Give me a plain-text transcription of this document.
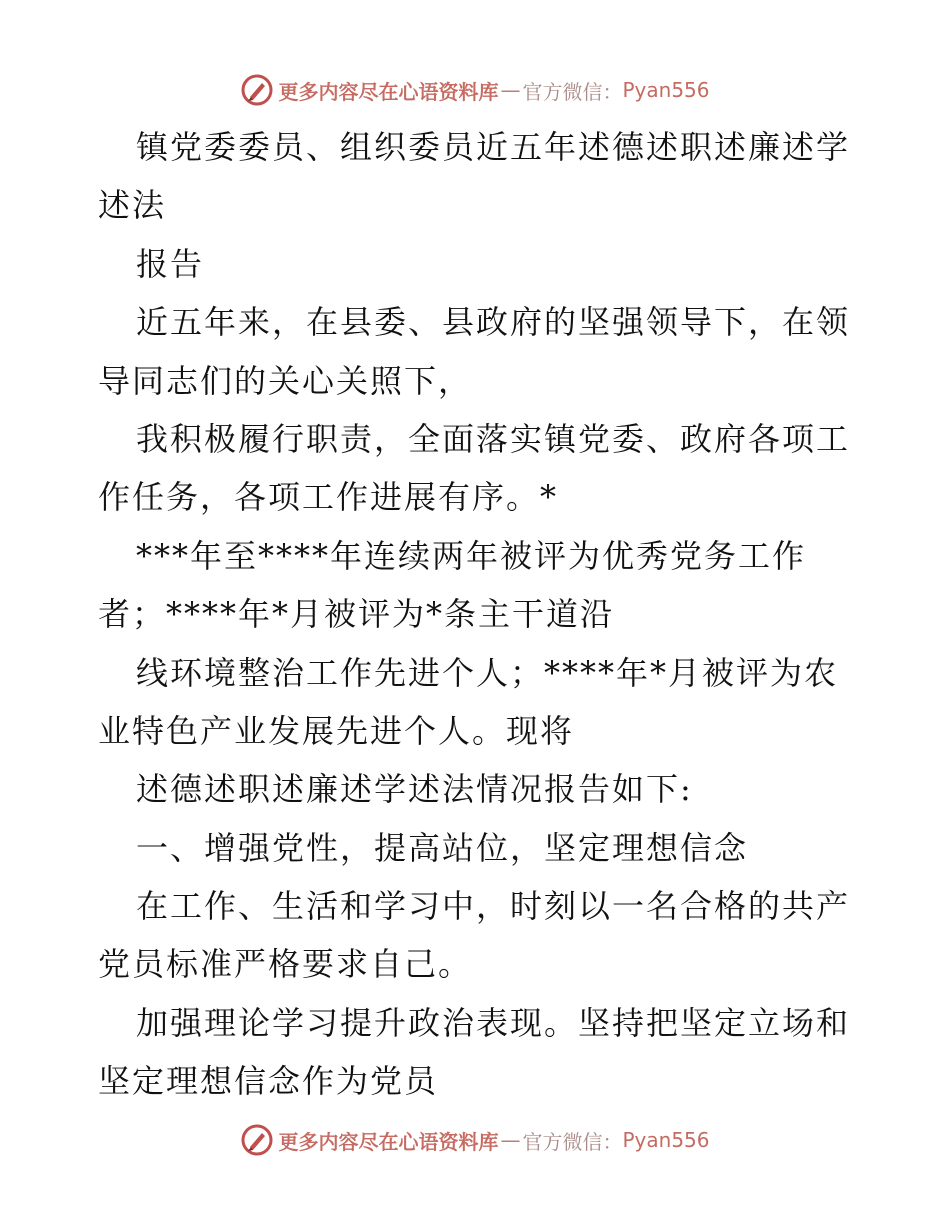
更多内容尽在心语资料库 — 官方微信： Pyan556
镇党委委员、组织委员近五年述德述职述廉述学
述法
报告
近五年来，在县委、县政府的坚强领导下，在领
导同志们的关心关照下，
我积极履行职责，全面落实镇党委、政府各项工
作任务，各项工作进展有序。*
***年至****年连续两年被评为优秀党务工作
者；****年*月被评为*条主干道沿
线环境整治工作先进个人；****年*月被评为农
业特色产业发展先进个人。现将
述德述职述廉述学述法情况报告如下:
一、增强党性，提高站位，坚定理想信念
在工作、生活和学习中，时刻以一名合格的共产
党员标准严格要求自己。
加强理论学习提升政治表现。坚持把坚定立场和
坚定理想信念作为党员
更多内容尽在心语资料库 — 官方微信： Pyan556
